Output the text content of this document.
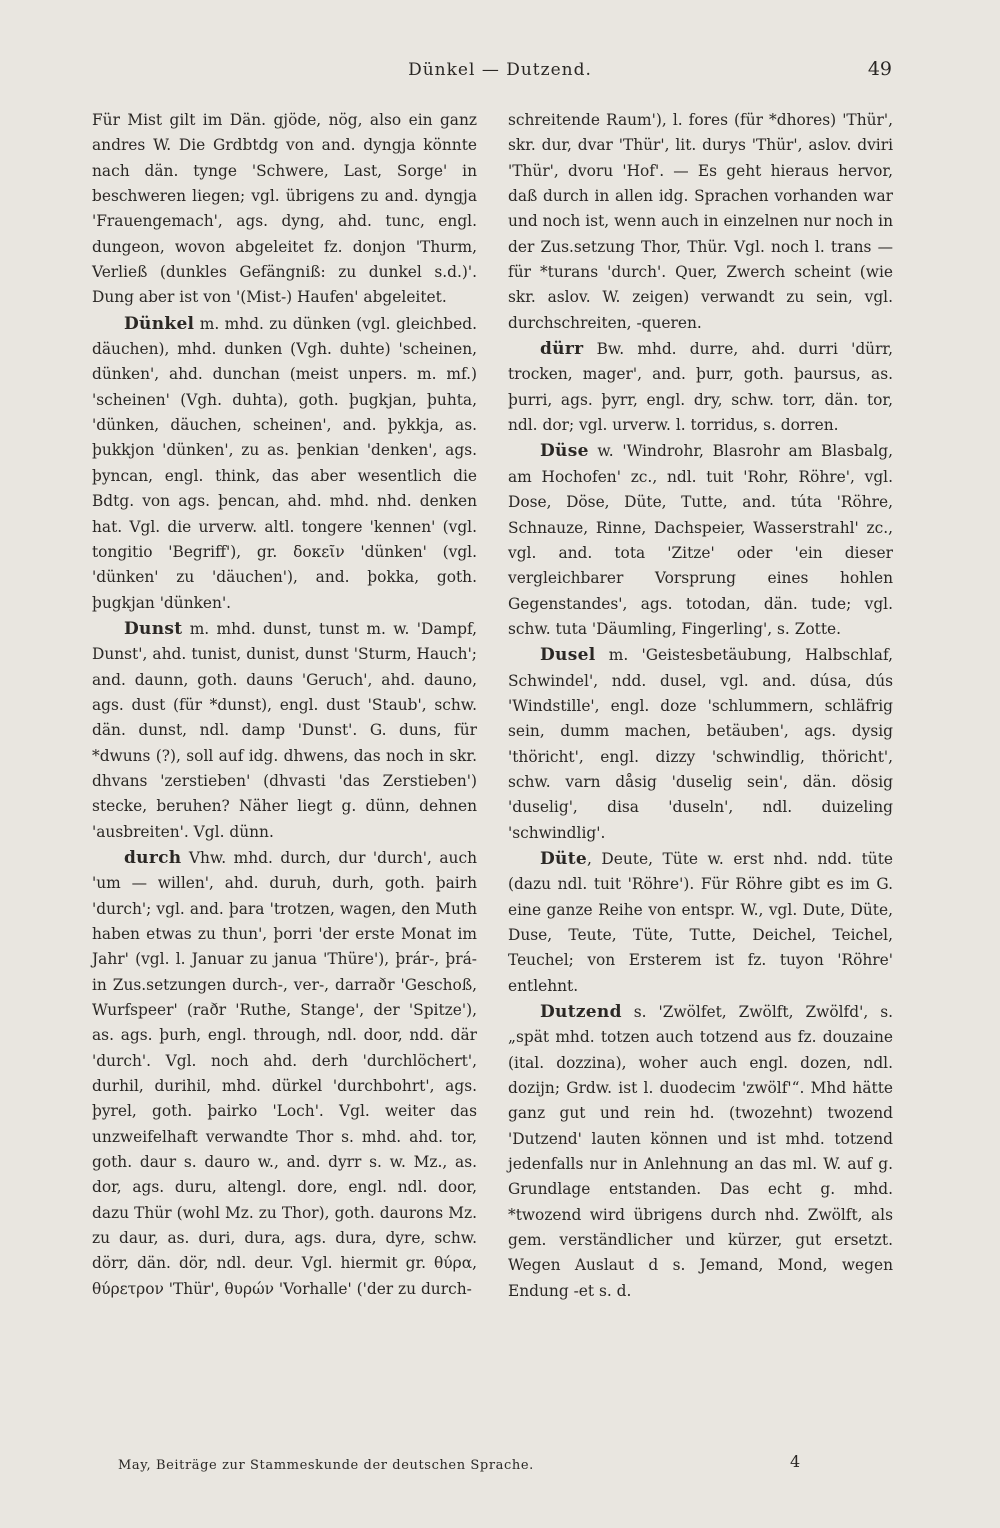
Dünkel — Dutzend.	49

Für Mist gilt im Dän. gjöde, nög, also ein ganz andres W. Die Grdbtdg von and. dyngja könnte nach dän. tynge 'Schwere, Last, Sorge' in beschweren liegen; vgl. übrigens zu and. dyngja 'Frauengemach', ags. dyng, ahd. tunc, engl. dungeon, wovon abgeleitet fz. donjon 'Thurm, Verließ (dunkles Gefängniß: zu dunkel s.d.)'. Dung aber ist von '(Mist-) Haufen' abgeleitet.

Dünkel m. mhd. zu dünken (vgl. gleichbed. däuchen), mhd. dunken (Vgh. duhte) 'scheinen, dünken', ahd. dunchan (meist unpers. m. mf.) 'scheinen' (Vgh. duhta), goth. þugkjan, þuhta, 'dünken, däuchen, scheinen', and. þykkja, as. þukkjon 'dünken', zu as. þenkian 'denken', ags. þyncan, engl. think, das aber wesentlich die Bdtg. von ags. þencan, ahd. mhd. nhd. denken hat. Vgl. die urverw. altl. tongere 'kennen' (vgl. tongitio 'Begriff'), gr. δοκεῖν 'dünken' (vgl. 'dünken' zu 'däuchen'), and. þokka, goth. þugkjan 'dünken'.

Dunst m. mhd. dunst, tunst m. w. 'Dampf, Dunst', ahd. tunist, dunist, dunst 'Sturm, Hauch'; and. daunn, goth. dauns 'Geruch', ahd. dauno, ags. dust (für *dunst), engl. dust 'Staub', schw. dän. dunst, ndl. damp 'Dunst'. G. duns, für *dwuns (?), soll auf idg. dhwens, das noch in skr. dhvans 'zerstieben' (dhvasti 'das Zerstieben') stecke, beruhen? Näher liegt g. dünn, dehnen 'ausbreiten'. Vgl. dünn.

durch Vhw. mhd. durch, dur 'durch', auch 'um — willen', ahd. duruh, durh, goth. þairh 'durch'; vgl. and. þara 'trotzen, wagen, den Muth haben etwas zu thun', þorri 'der erste Monat im Jahr' (vgl. l. Januar zu janua 'Thüre'), þrár-, þrá- in Zus.setzungen durch-, ver-, darraðr 'Geschoß, Wurfspeer' (raðr 'Ruthe, Stange', der 'Spitze'), as. ags. þurh, engl. through, ndl. door, ndd. där 'durch'. Vgl. noch ahd. derh 'durchlöchert', durhil, durihil, mhd. dürkel 'durchbohrt', ags. þyrel, goth. þairko 'Loch'. Vgl. weiter das unzweifelhaft verwandte Thor s. mhd. ahd. tor, goth. daur s. dauro w., and. dyrr s. w. Mz., as. dor, ags. duru, altengl. dore, engl. ndl. door, dazu Thür (wohl Mz. zu Thor), goth. daurons Mz. zu daur, as. duri, dura, ags. dura, dyre, schw. dörr, dän. dör, ndl. deur. Vgl. hiermit gr. θύρα, θύρετρον 'Thür', θυρών 'Vorhalle' ('der zu durch-

schreitende Raum'), l. fores (für *dhores) 'Thür', skr. dur, dvar 'Thür', lit. durys 'Thür', aslov. dviri 'Thür', dvoru 'Hof'. — Es geht hieraus hervor, daß durch in allen idg. Sprachen vorhanden war und noch ist, wenn auch in einzelnen nur noch in der Zus.setzung Thor, Thür. Vgl. noch l. trans — für *turans 'durch'. Quer, Zwerch scheint (wie skr. aslov. W. zeigen) verwandt zu sein, vgl. durchschreiten, -queren.

dürr Bw. mhd. durre, ahd. durri 'dürr, trocken, mager', and. þurr, goth. þaursus, as. þurri, ags. þyrr, engl. dry, schw. torr, dän. tor, ndl. dor; vgl. urverw. l. torridus, s. dorren.

Düse w. 'Windrohr, Blasrohr am Blasbalg, am Hochofen' zc., ndl. tuit 'Rohr, Röhre', vgl. Dose, Döse, Düte, Tutte, and. túta 'Röhre, Schnauze, Rinne, Dachspeier, Wasserstrahl' zc., vgl. and. tota 'Zitze' oder 'ein dieser vergleichbarer Vorsprung eines hohlen Gegenstandes', ags. totodan, dän. tude; vgl. schw. tuta 'Däumling, Fingerling', s. Zotte.

Dusel m. 'Geistesbetäubung, Halbschlaf, Schwindel', ndd. dusel, vgl. and. dúsa, dús 'Windstille', engl. doze 'schlummern, schläfrig sein, dumm machen, betäuben', ags. dysig 'thöricht', engl. dizzy 'schwindlig, thöricht', schw. varn dåsig 'duselig sein', dän. dösig 'duselig', disa 'duseln', ndl. duizeling 'schwindlig'.

Düte, Deute, Tüte w. erst nhd. ndd. tüte (dazu ndl. tuit 'Röhre'). Für Röhre gibt es im G. eine ganze Reihe von entspr. W., vgl. Dute, Düte, Duse, Teute, Tüte, Tutte, Deichel, Teichel, Teuchel; von Ersterem ist fz. tuyon 'Röhre' entlehnt.

Dutzend s. 'Zwölfet, Zwölft, Zwölfd', s. „spät mhd. totzen auch totzend aus fz. douzaine (ital. dozzina), woher auch engl. dozen, ndl. dozijn; Grdw. ist l. duodecim 'zwölf'“. Mhd hätte ganz gut und rein hd. (twozehnt) twozend 'Dutzend' lauten können und ist mhd. totzend jedenfalls nur in Anlehnung an das ml. W. auf g. Grundlage entstanden. Das echt g. mhd. *twozend wird übrigens durch nhd. Zwölft, als gem. verständlicher und kürzer, gut ersetzt. Wegen Auslaut d s. Jemand, Mond, wegen Endung -et s. d.

May, Beiträge zur Stammeskunde der deutschen Sprache.	4
